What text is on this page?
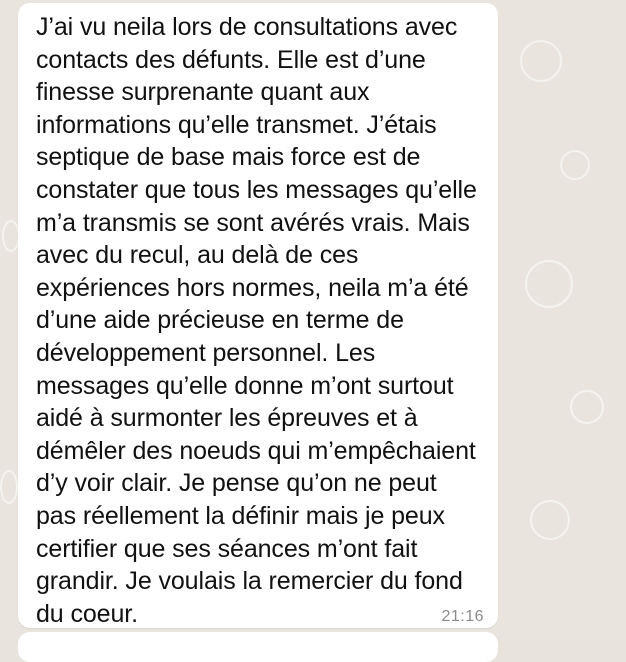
J’ai vu neila lors de consultations avec
contacts des défunts. Elle est d’une
finesse surprenante quant aux
informations qu’elle transmet. J’étais
septique de base mais force est de
constater que tous les messages qu’elle
m’a transmis se sont avérés vrais. Mais
avec du recul, au delà de ces
expériences hors normes, neila m’a été
d’une aide précieuse en terme de
développement personnel. Les
messages qu’elle donne m’ont surtout
aidé à surmonter les épreuves et à
démêler des noeuds qui m’empêchaient
d’y voir clair. Je pense qu’on ne peut
pas réellement la définir mais je peux
certifier que ses séances m’ont fait
grandir. Je voulais la remercier du fond
du coeur.	21:16
